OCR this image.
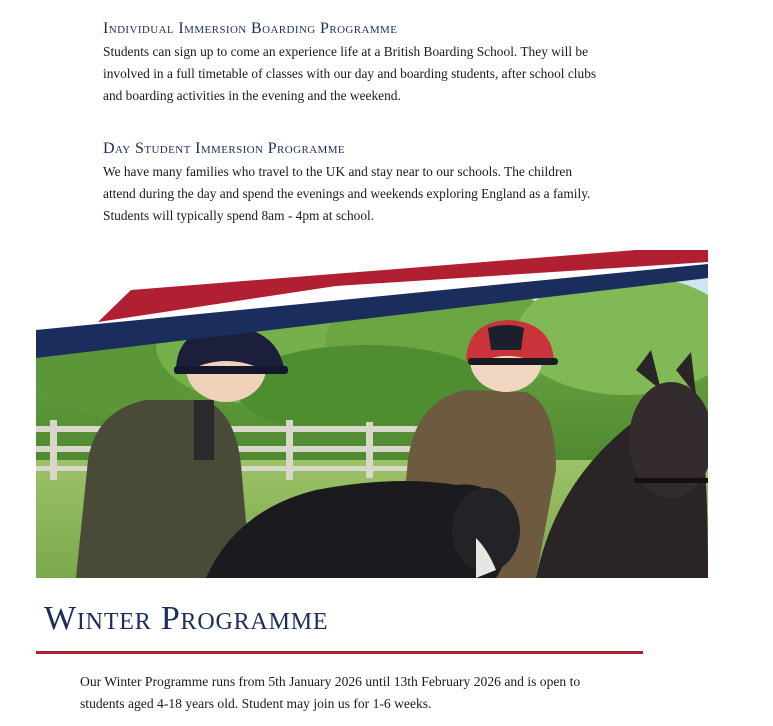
Individual Immersion Boarding Programme

Students can sign up to come an experience life at a British Boarding School. They will be
involved in a full timetable of classes with our day and boarding students, after school clubs
and boarding activities in the evening and the weekend.

Day Student Immersion Programme

We have many families who travel to the UK and stay near to our schools. The children
attend during the day and spend the evenings and weekends exploring England as a family.
Students will typically spend 8am - 4pm at school.

Winter Programme

Our Winter Programme runs from 5th January 2026 until 13th February 2026 and is open to
students aged 4-18 years old. Student may join us for 1-6 weeks.
